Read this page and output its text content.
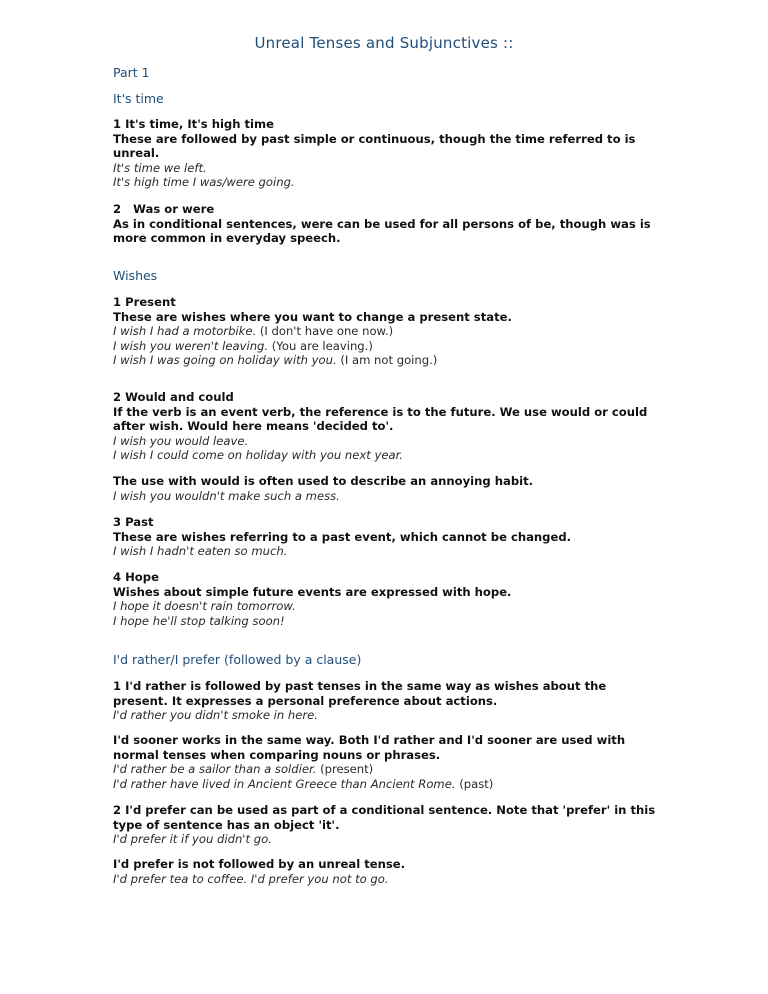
Unreal Tenses and Subjunctives ::
Part 1
It's time
1 It's time, It's high time
These are followed by past simple or continuous, though the time referred to is unreal.
It's time we left.
It's high time I was/were going.
2   Was or were
As in conditional sentences, were can be used for all persons of be, though was is more common in everyday speech.
Wishes
1 Present
These are wishes where you want to change a present state.
I wish I had a motorbike. (I don't have one now.)
I wish you weren't leaving. (You are leaving.)
I wish I was going on holiday with you. (I am not going.)
2 Would and could
If the verb is an event verb, the reference is to the future. We use would or could after wish. Would here means 'decided to'.
I wish you would leave.
I wish I could come on holiday with you next year.
The use with would is often used to describe an annoying habit.
I wish you wouldn't make such a mess.
3 Past
These are wishes referring to a past event, which cannot be changed.
I wish I hadn't eaten so much.
4 Hope
Wishes about simple future events are expressed with hope.
I hope it doesn't rain tomorrow.
I hope he'll stop talking soon!
I'd rather/I prefer (followed by a clause)
1 I'd rather is followed by past tenses in the same way as wishes about the present. It expresses a personal preference about actions.
I'd rather you didn't smoke in here.
I'd sooner works in the same way. Both I'd rather and I'd sooner are used with normal tenses when comparing nouns or phrases.
I'd rather be a sailor than a soldier. (present)
I'd rather have lived in Ancient Greece than Ancient Rome. (past)
2 I'd prefer can be used as part of a conditional sentence. Note that 'prefer' in this type of sentence has an object 'it'.
I'd prefer it if you didn't go.
I'd prefer is not followed by an unreal tense.
I'd prefer tea to coffee. I'd prefer you not to go.
